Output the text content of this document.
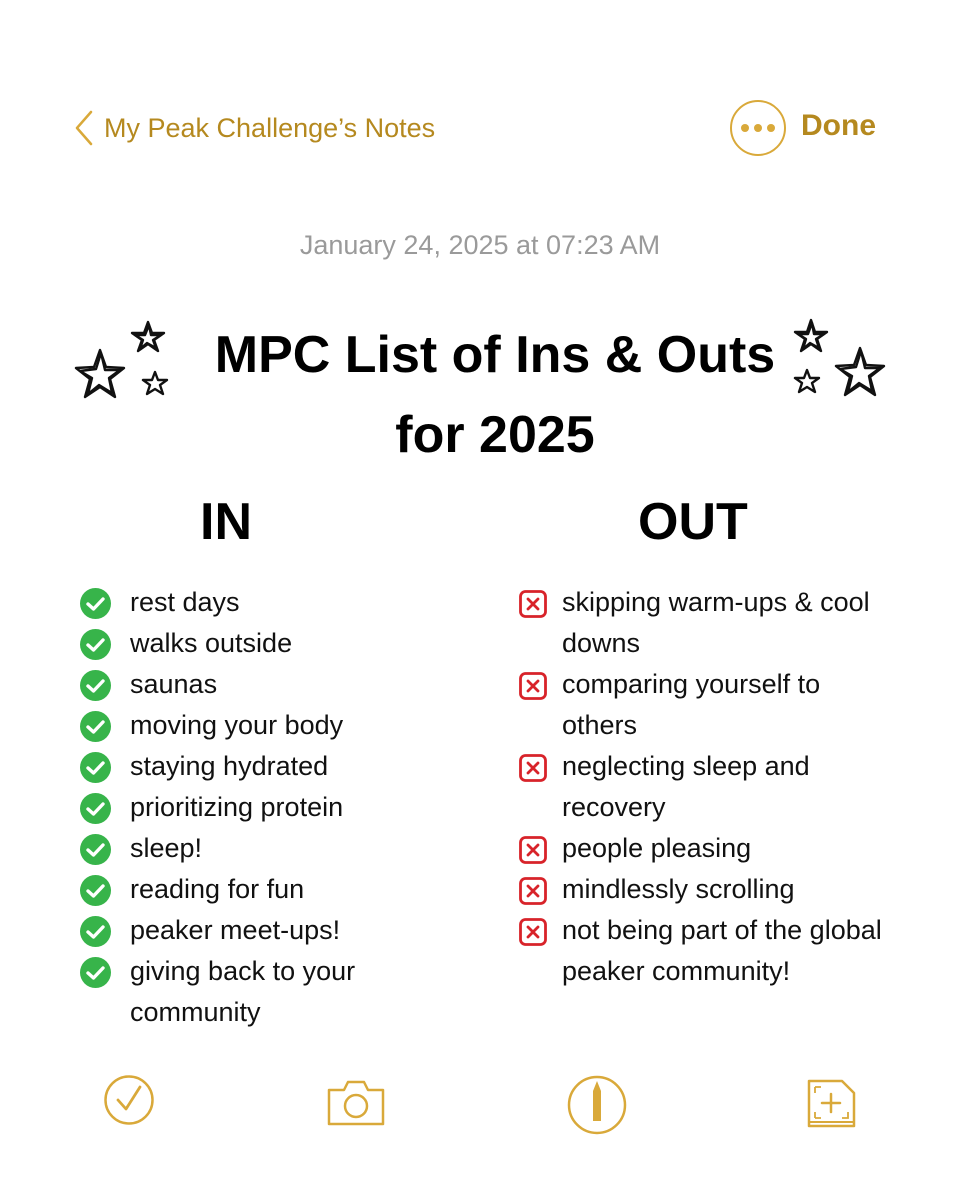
My Peak Challenge’s Notes	Done
January 24, 2025 at 07:23 AM
MPC List of Ins & Outs
for 2025
IN	OUT
rest days
walks outside
saunas
moving your body
staying hydrated
prioritizing protein
sleep!
reading for fun
peaker meet-ups!
giving back to your community
skipping warm-ups & cool downs
comparing yourself to others
neglecting sleep and recovery
people pleasing
mindlessly scrolling
not being part of the global peaker community!
